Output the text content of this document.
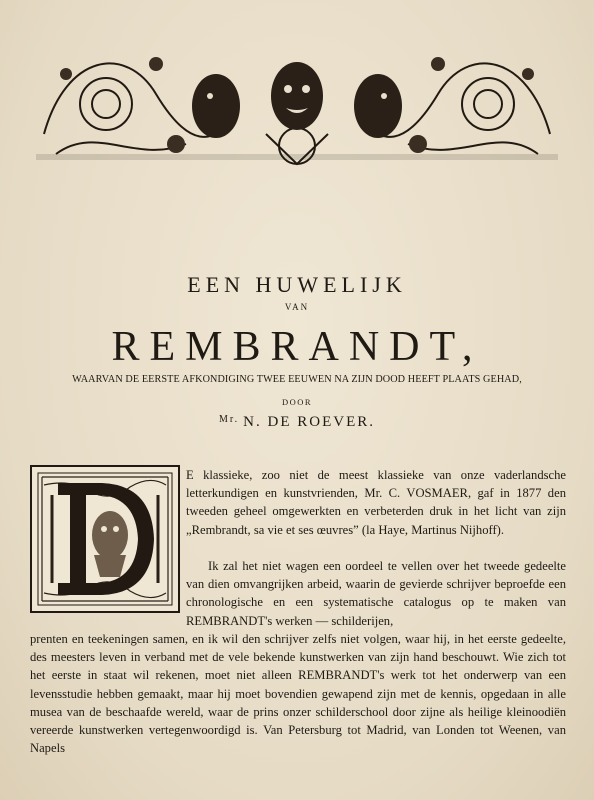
EEN HUWELIJK
VAN
REMBRANDT,
WAARVAN DE EERSTE AFKONDIGING TWEE EEUWEN NA ZIJN DOOD HEEFT PLAATS GEHAD,
DOOR
$^{Mr.}$ N. DE ROEVER.

E klassieke, zoo niet de meest klassieke van onze vaderlandsche letterkundigen en kunstvrienden, Mr. C. VOSMAER, gaf in 1877 den tweeden geheel omgewerkten en verbeterden druk in het licht van zijn „Rembrandt, sa vie et ses œuvres” (la Haye, Martinus Nijhoff).

Ik zal het niet wagen een oordeel te vellen over het tweede gedeelte van dien omvangrijken arbeid, waarin de gevierde schrijver beproefde een chronologische en een systematische catalogus op te maken van REMBRANDT's werken — schilderijen,

prenten en teekeningen samen, en ik wil den schrijver zelfs niet volgen, waar hij, in het eerste gedeelte, des meesters leven in verband met de vele bekende kunstwerken van zijn hand beschouwt. Wie zich tot het eerste in staat wil rekenen, moet niet alleen REMBRANDT's werk tot het onderwerp van een levensstudie hebben gemaakt, maar hij moet bovendien gewapend zijn met de kennis, opgedaan in alle musea van de beschaafde wereld, waar de prins onzer schilderschool door zijne als heilige kleinoodiën vereerde kunstwerken vertegenwoordigd is. Van Petersburg tot Madrid, van Londen tot Weenen, van Napels
